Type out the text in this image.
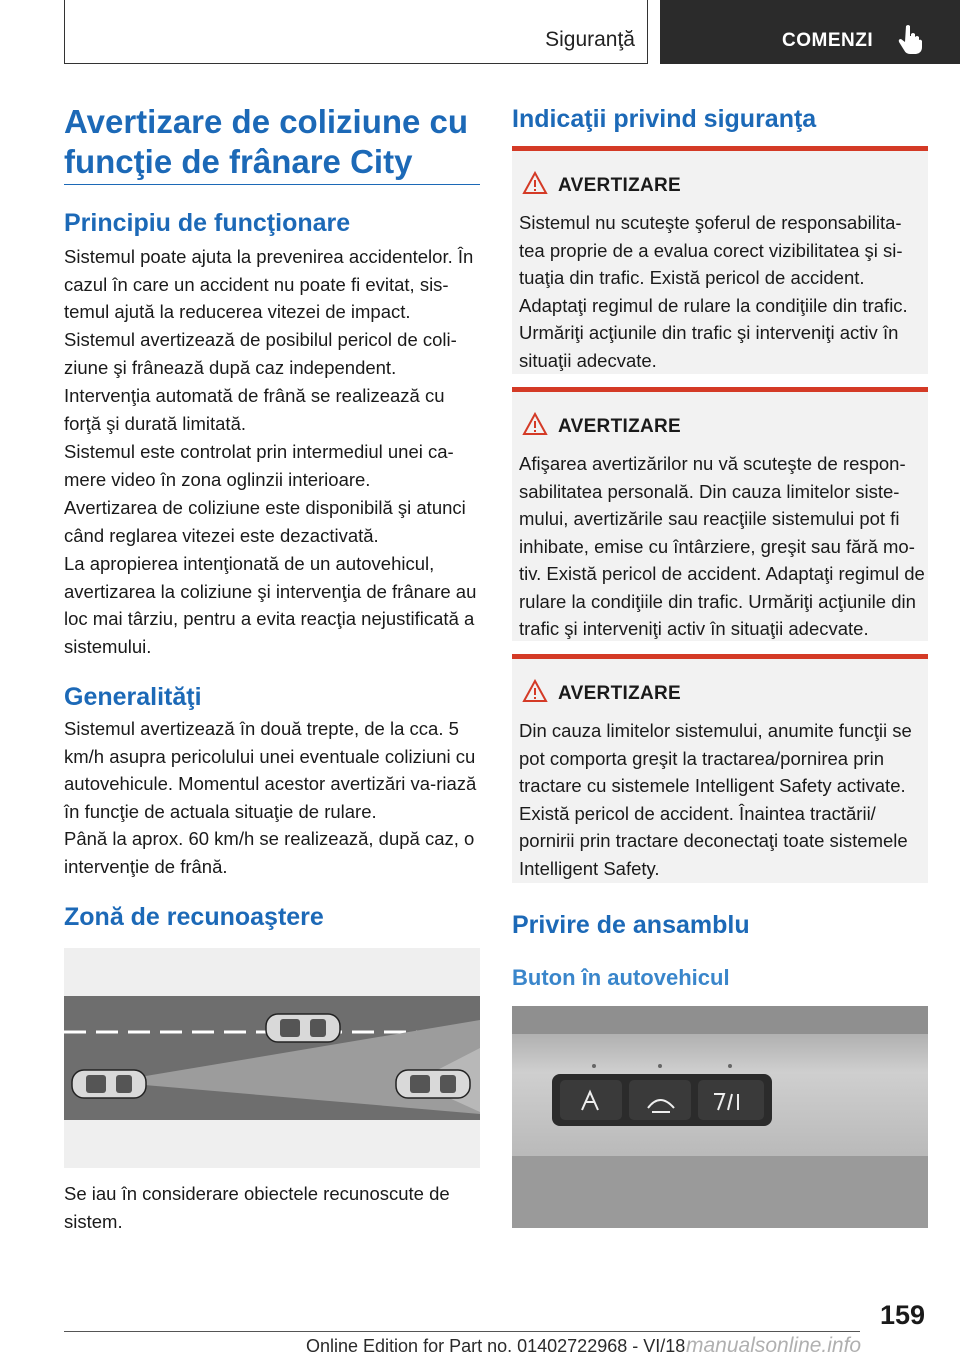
Siguranţă	COMENZI
Avertizare de coliziune cu funcţie de frânare City
Principiu de funcţionare

Sistemul poate ajuta la prevenirea accidentelor. În cazul în care un accident nu poate fi evitat, sis‐temul ajută la reducerea vitezei de impact.

Sistemul avertizează de posibilul pericol de coli‐ziune şi frânează după caz independent.

Intervenţia automată de frână se realizează cu forţă şi durată limitată.

Sistemul este controlat prin intermediul unei ca‐mere video în zona oglinzii interioare.

Avertizarea de coliziune este disponibilă şi atunci când reglarea vitezei este dezactivată.

La apropierea intenţionată de un autovehicul, avertizarea la coliziune şi intervenţia de frânare au loc mai târziu, pentru a evita reacţia nejustificată a sistemului.

Generalităţi

Sistemul avertizează în două trepte, de la cca. 5 km/h asupra pericolului unei eventuale coliziuni cu autovehicule. Momentul acestor avertizări va‐riază în funcţie de actuala situaţie de rulare.

Până la aprox. 60 km/h se realizează, după caz, o intervenţie de frână.

Zonă de recunoaştere

Se iau în considerare obiectele recunoscute de sistem.

Indicaţii privind siguranţa
AVERTIZARE

Sistemul nu scuteşte şoferul de responsabilita‐tea proprie de a evalua corect vizibilitatea şi si‐tuaţia din trafic. Există pericol de accident. Adaptaţi regimul de rulare la condiţiile din trafic. Urmăriţi acţiunile din trafic şi interveniţi activ în situaţii adecvate.

AVERTIZARE

Afişarea avertizărilor nu vă scuteşte de respon‐sabilitatea personală. Din cauza limitelor siste‐mului, avertizările sau reacţiile sistemului pot fi inhibate, emise cu întârziere, greşit sau fără mo‐tiv. Există pericol de accident. Adaptaţi regimul de rulare la condiţiile din trafic. Urmăriţi acţiunile din trafic şi interveniţi activ în situaţii adecvate.

AVERTIZARE

Din cauza limitelor sistemului, anumite funcţii se pot comporta greşit la tractarea/pornirea prin tractare cu sistemele Intelligent Safety activate. Există pericol de accident. Înaintea tractării/ pornirii prin tractare deconectaţi toate sistemele Intelligent Safety.

Privire de ansamblu
Buton în autovehicul
159
Online Edition for Part no. 01402722968 - VI/18 manualsonline.info
